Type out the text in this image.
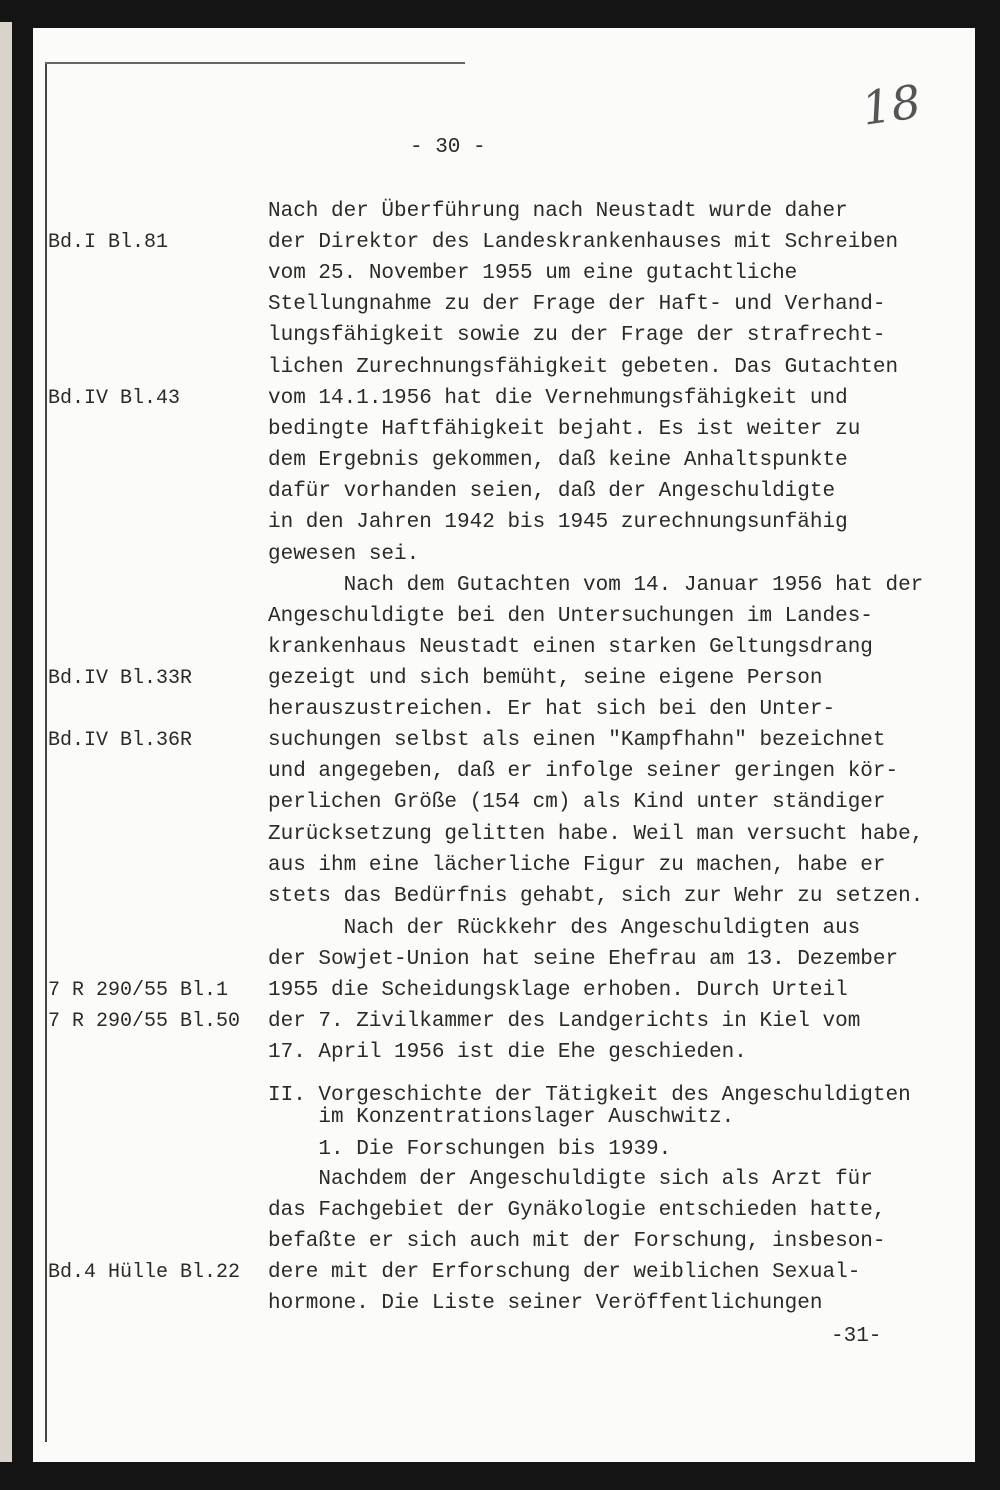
18
- 30 -
Nach der Überführung nach Neustadt wurde daher
der Direktor des Landeskrankenhauses mit Schreiben
vom 25. November 1955 um eine gutachtliche
Stellungnahme zu der Frage der Haft- und Verhand-
lungsfähigkeit sowie zu der Frage der strafrecht-
lichen Zurechnungsfähigkeit gebeten. Das Gutachten
vom 14.1.1956 hat die Vernehmungsfähigkeit und
bedingte Haftfähigkeit bejaht. Es ist weiter zu
dem Ergebnis gekommen, daß keine Anhaltspunkte
dafür vorhanden seien, daß der Angeschuldigte
in den Jahren 1942 bis 1945 zurechnungsunfähig
gewesen sei.
Nach dem Gutachten vom 14. Januar 1956 hat der
Angeschuldigte bei den Untersuchungen im Landes-
krankenhaus Neustadt einen starken Geltungsdrang
gezeigt und sich bemüht, seine eigene Person
herauszustreichen. Er hat sich bei den Unter-
suchungen selbst als einen "Kampfhahn" bezeichnet
und angegeben, daß er infolge seiner geringen kör-
perlichen Größe (154 cm) als Kind unter ständiger
Zurücksetzung gelitten habe. Weil man versucht habe,
aus ihm eine lächerliche Figur zu machen, habe er
stets das Bedürfnis gehabt, sich zur Wehr zu setzen.
Nach der Rückkehr des Angeschuldigten aus
der Sowjet-Union hat seine Ehefrau am 13. Dezember
1955 die Scheidungsklage erhoben. Durch Urteil
der 7. Zivilkammer des Landgerichts in Kiel vom
17. April 1956 ist die Ehe geschieden.
II. Vorgeschichte der Tätigkeit des Angeschuldigten
im Konzentrationslager Auschwitz.
1. Die Forschungen bis 1939.
Nachdem der Angeschuldigte sich als Arzt für
das Fachgebiet der Gynäkologie entschieden hatte,
befaßte er sich auch mit der Forschung, insbeson-
dere mit der Erforschung der weiblichen Sexual-
hormone. Die Liste seiner Veröffentlichungen
Bd.I Bl.81
Bd.IV Bl.43
Bd.IV Bl.33R
Bd.IV Bl.36R
7 R 290/55 Bl.1
7 R 290/55 Bl.50
Bd.4 Hülle Bl.22
-31-
